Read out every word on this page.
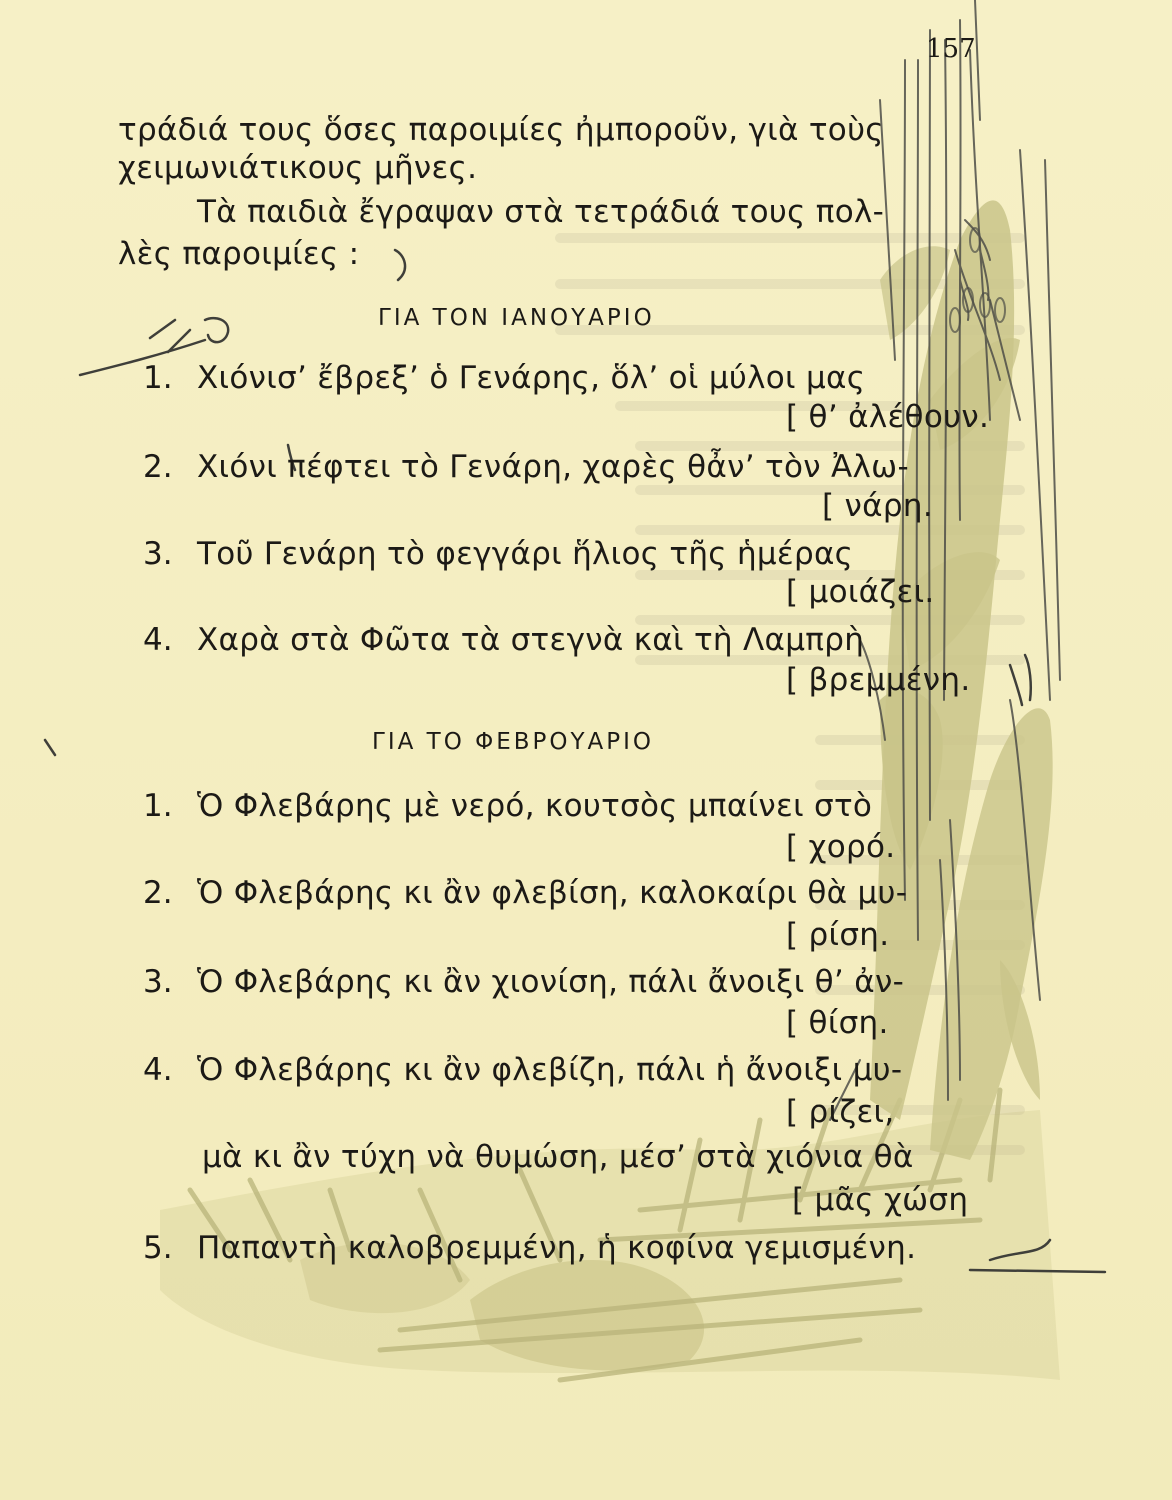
157
τράδιά τους ὅσες παροιμίες ἠμποροῦν, γιὰ τοὺς
χειμωνιάτικους μῆνες.
Τὰ παιδιὰ ἔγραψαν στὰ τετράδιά τους πολ-
λὲς παροιμίες :
ΓΙΑ ΤΟΝ ΙΑΝΟΥΑΡΙΟ
1. Χιόνισ’ ἔβρεξ’ ὁ Γενάρης, ὅλ’ οἱ μύλοι μας
[ θ’ ἀλέθουν.
2. Χιόνι πέφτει τὸ Γενάρη, χαρὲς θἆν’ τὸν Ἀλω-
[ νάρη.
3. Τοῦ Γενάρη τὸ φεγγάρι ἥλιος τῆς ἡμέρας
[ μοιάζει.
4. Χαρὰ στὰ Φῶτα τὰ στεγνὰ καὶ τὴ Λαμπρὴ
[ βρεμμένη.
ΓΙΑ ΤΟ ΦΕΒΡΟΥΑΡΙΟ
1. Ὁ Φλεβάρης μὲ νερό, κουτσὸς μπαίνει στὸ
[ χορό.
2. Ὁ Φλεβάρης κι ἂν φλεβίση, καλοκαίρι θὰ μυ-
[ ρίση.
3. Ὁ Φλεβάρης κι ἂν χιονίση, πάλι ἄνοιξι θ’ ἀν-
[ θίση.
4. Ὁ Φλεβάρης κι ἂν φλεβίζη, πάλι ἡ ἄνοιξι μυ-
[ ρίζει,
μὰ κι ἂν τύχη νὰ θυμώση, μέσ’ στὰ χιόνια θὰ
[ μᾶς χώση
5. Παπαντὴ καλοβρεμμένη, ἡ κοφίνα γεμισμένη.
